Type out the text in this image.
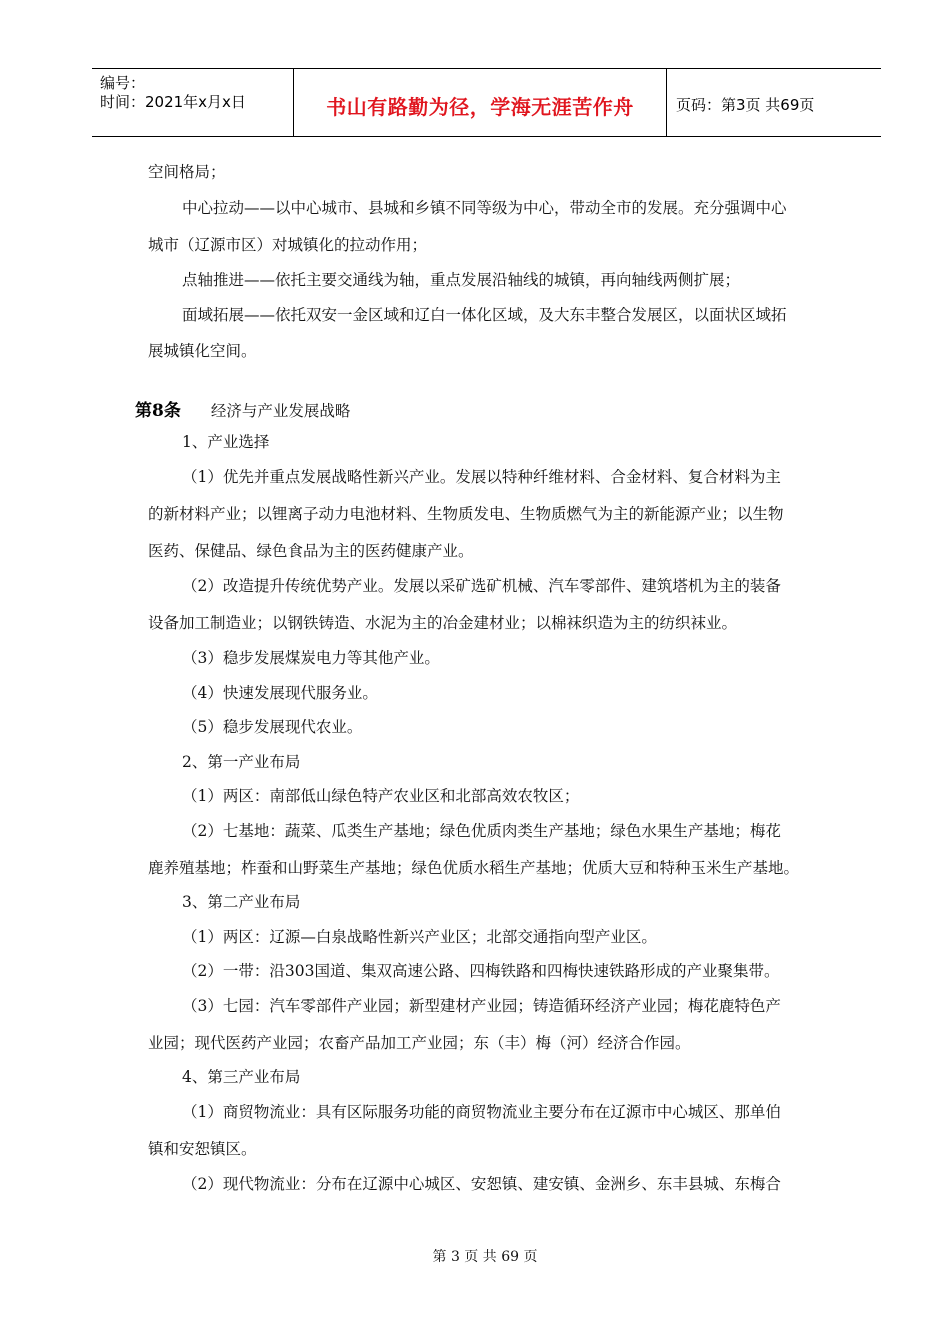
编号：
时间：2021年x月x日	书山有路勤为径，学海无涯苦作舟	页码：第3页 共69页
空间格局；
中心拉动——以中心城市、县城和乡镇不同等级为中心，带动全市的发展。充分强调中心
城市（辽源市区）对城镇化的拉动作用；
点轴推进——依托主要交通线为轴，重点发展沿轴线的城镇，再向轴线两侧扩展；
面域拓展——依托双安一金区域和辽白一体化区域，及大东丰整合发展区，以面状区域拓
展城镇化空间。
第8条 经济与产业发展战略
1、产业选择
（1）优先并重点发展战略性新兴产业。发展以特种纤维材料、合金材料、复合材料为主
的新材料产业；以锂离子动力电池材料、生物质发电、生物质燃气为主的新能源产业；以生物
医药、保健品、绿色食品为主的医药健康产业。
（2）改造提升传统优势产业。发展以采矿选矿机械、汽车零部件、建筑塔机为主的装备
设备加工制造业；以钢铁铸造、水泥为主的冶金建材业；以棉袜织造为主的纺织袜业。
（3）稳步发展煤炭电力等其他产业。
（4）快速发展现代服务业。
（5）稳步发展现代农业。
2、第一产业布局
（1）两区：南部低山绿色特产农业区和北部高效农牧区；
（2）七基地：蔬菜、瓜类生产基地；绿色优质肉类生产基地；绿色水果生产基地；梅花
鹿养殖基地；柞蚕和山野菜生产基地；绿色优质水稻生产基地；优质大豆和特种玉米生产基地。
3、第二产业布局
（1）两区：辽源—白泉战略性新兴产业区；北部交通指向型产业区。
（2）一带：沿303国道、集双高速公路、四梅铁路和四梅快速铁路形成的产业聚集带。
（3）七园：汽车零部件产业园；新型建材产业园；铸造循环经济产业园；梅花鹿特色产
业园；现代医药产业园；农畜产品加工产业园；东（丰）梅（河）经济合作园。
4、第三产业布局
（1）商贸物流业：具有区际服务功能的商贸物流业主要分布在辽源市中心城区、那单伯
镇和安恕镇区。
（2）现代物流业：分布在辽源中心城区、安恕镇、建安镇、金洲乡、东丰县城、东梅合
第 3 页 共 69 页
